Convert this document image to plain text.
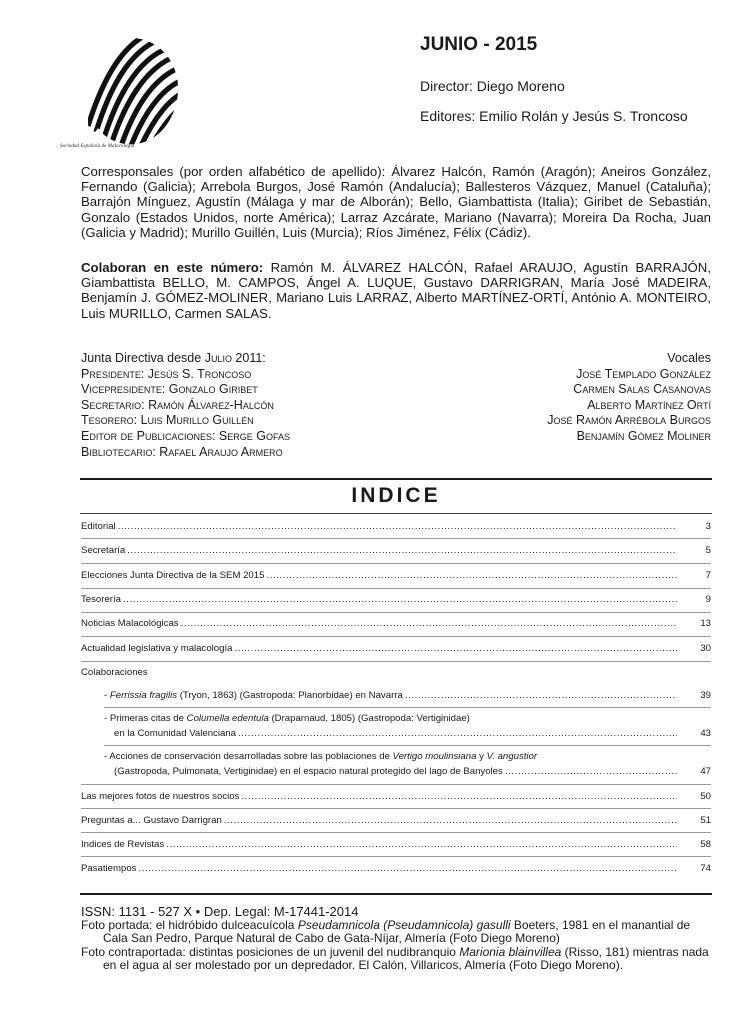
Sociedad Española de Malacología
JUNIO - 2015
Director: Diego Moreno
Editores: Emilio Rolán y Jesús S. Troncoso
Corresponsales (por orden alfabético de apellido): Álvarez Halcón, Ramón (Aragón); Aneiros González, Fernando (Galicia); Arrebola Burgos, José Ramón (Andalucía); Ballesteros Vázquez, Manuel (Cataluña); Barrajón Mínguez, Agustín (Málaga y mar de Alborán); Bello, Giambattista (Italia); Giribet de Sebastián, Gonzalo (Estados Unidos, norte América); Larraz Azcárate, Mariano (Navarra); Moreira Da Rocha, Juan (Galicia y Madrid); Murillo Guillén, Luis (Murcia); Ríos Jiménez, Félix (Cádiz).
Colaboran en este número: Ramón M. ÁLVAREZ HALCÓN, Rafael ARAUJO, Agustín BARRAJÓN, Giambattista BELLO, M. CAMPOS, Ángel A. LUQUE, Gustavo DARRIGRAN, María José MADEIRA, Benjamín J. GÓMEZ-MOLINER, Mariano Luis LARRAZ, Alberto MARTÍNEZ-ORTÍ, António A. MONTEIRO, Luis MURILLO, Carmen SALAS.
Junta Directiva desde Julio 2011:
Presidente: Jesús S. Troncoso
Vicepresidente: Gonzalo Giribet
Secretario: Ramón Álvarez-Halcón
Tesorero: Luis Murillo Guillén
Editor de Publicaciones: Serge Gofas
Bibliotecario: Rafael Araujo Armero
Vocales
José Templado González
Carmen Salas Casanovas
Alberto Martínez Ortí
José Ramón Arrébola Burgos
Benjamín Gómez Moliner
INDICE
Editorial .....	3
Secretaría .....	5
Elecciones Junta Directiva de la SEM 2015 .....	7
Tesorería .....	9
Noticias Malacológicas .....	13
Actualidad legislativa y malacología .....	30
Colaboraciones
- Ferrissia fragilis (Tryon, 1863) (Gastropoda: Planorbidae) en Navarra .....	39
- Primeras citas de Columella edentula (Draparnaud, 1805) (Gastropoda: Vertiginidae)
en la Comunidad Valenciana .....	43
- Acciones de conservación desarrolladas sobre las poblaciones de Vertigo moulinsiana y V. angustior
(Gastropoda, Pulmonata, Vertiginidae) en el espacio natural protegido del lago de Banyoles .....	47
Las mejores fotos de nuestros socios .....	50
Preguntas a... Gustavo Darrigran .....	51
Indices de Revistas .....	58
Pasatiempos .....	74
ISSN: 1131 - 527 X • Dep. Legal: M-17441-2014
Foto portada: el hidróbido dulceacuícola Pseudamnicola (Pseudamnicola) gasulli Boeters, 1981 en el manantial de Cala San Pedro, Parque Natural de Cabo de Gata-Níjar, Almería (Foto Diego Moreno)
Foto contraportada: distintas posiciones de un juvenil del nudibranquio Marionia blainvillea (Risso, 181) mientras nada en el agua al ser molestado por un depredador. El Calón, Villaricos, Almería (Foto Diego Moreno).
